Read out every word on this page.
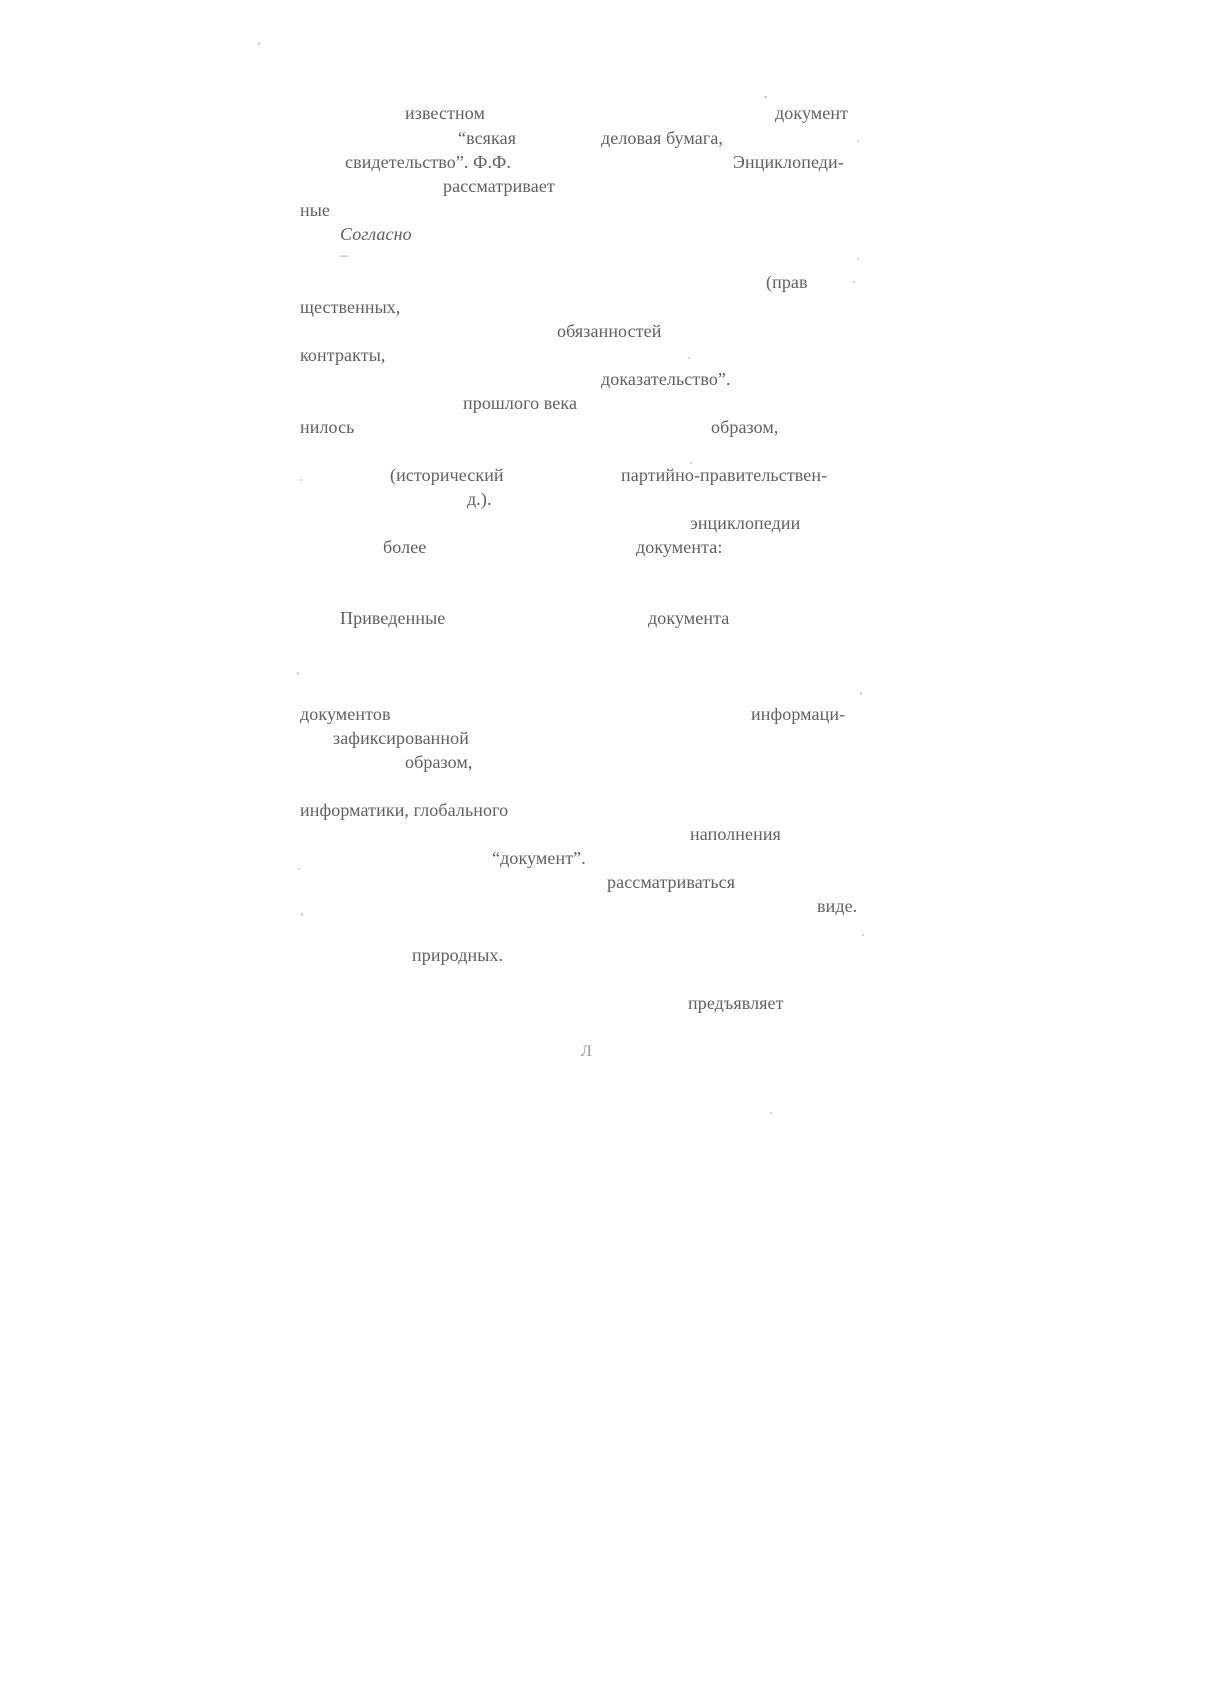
известном	документ
“всякая	деловая бумага,
свидетельство”. Ф.Ф.	Энциклопеди-
рассматривает
ные
Согласно
–
(прав
щественных,
обязанностей
контракты,
доказательство”.
прошлого века
нилось	образом,
(исторический	партийно-правительствен-
д.).
энциклопедии
более	документа:
Приведенные	документа
документов	информаци-
зафиксированной
образом,
информатики, глобального
наполнения
“документ”.
рассматриваться
виде.
природных.
предъявляет
Л
